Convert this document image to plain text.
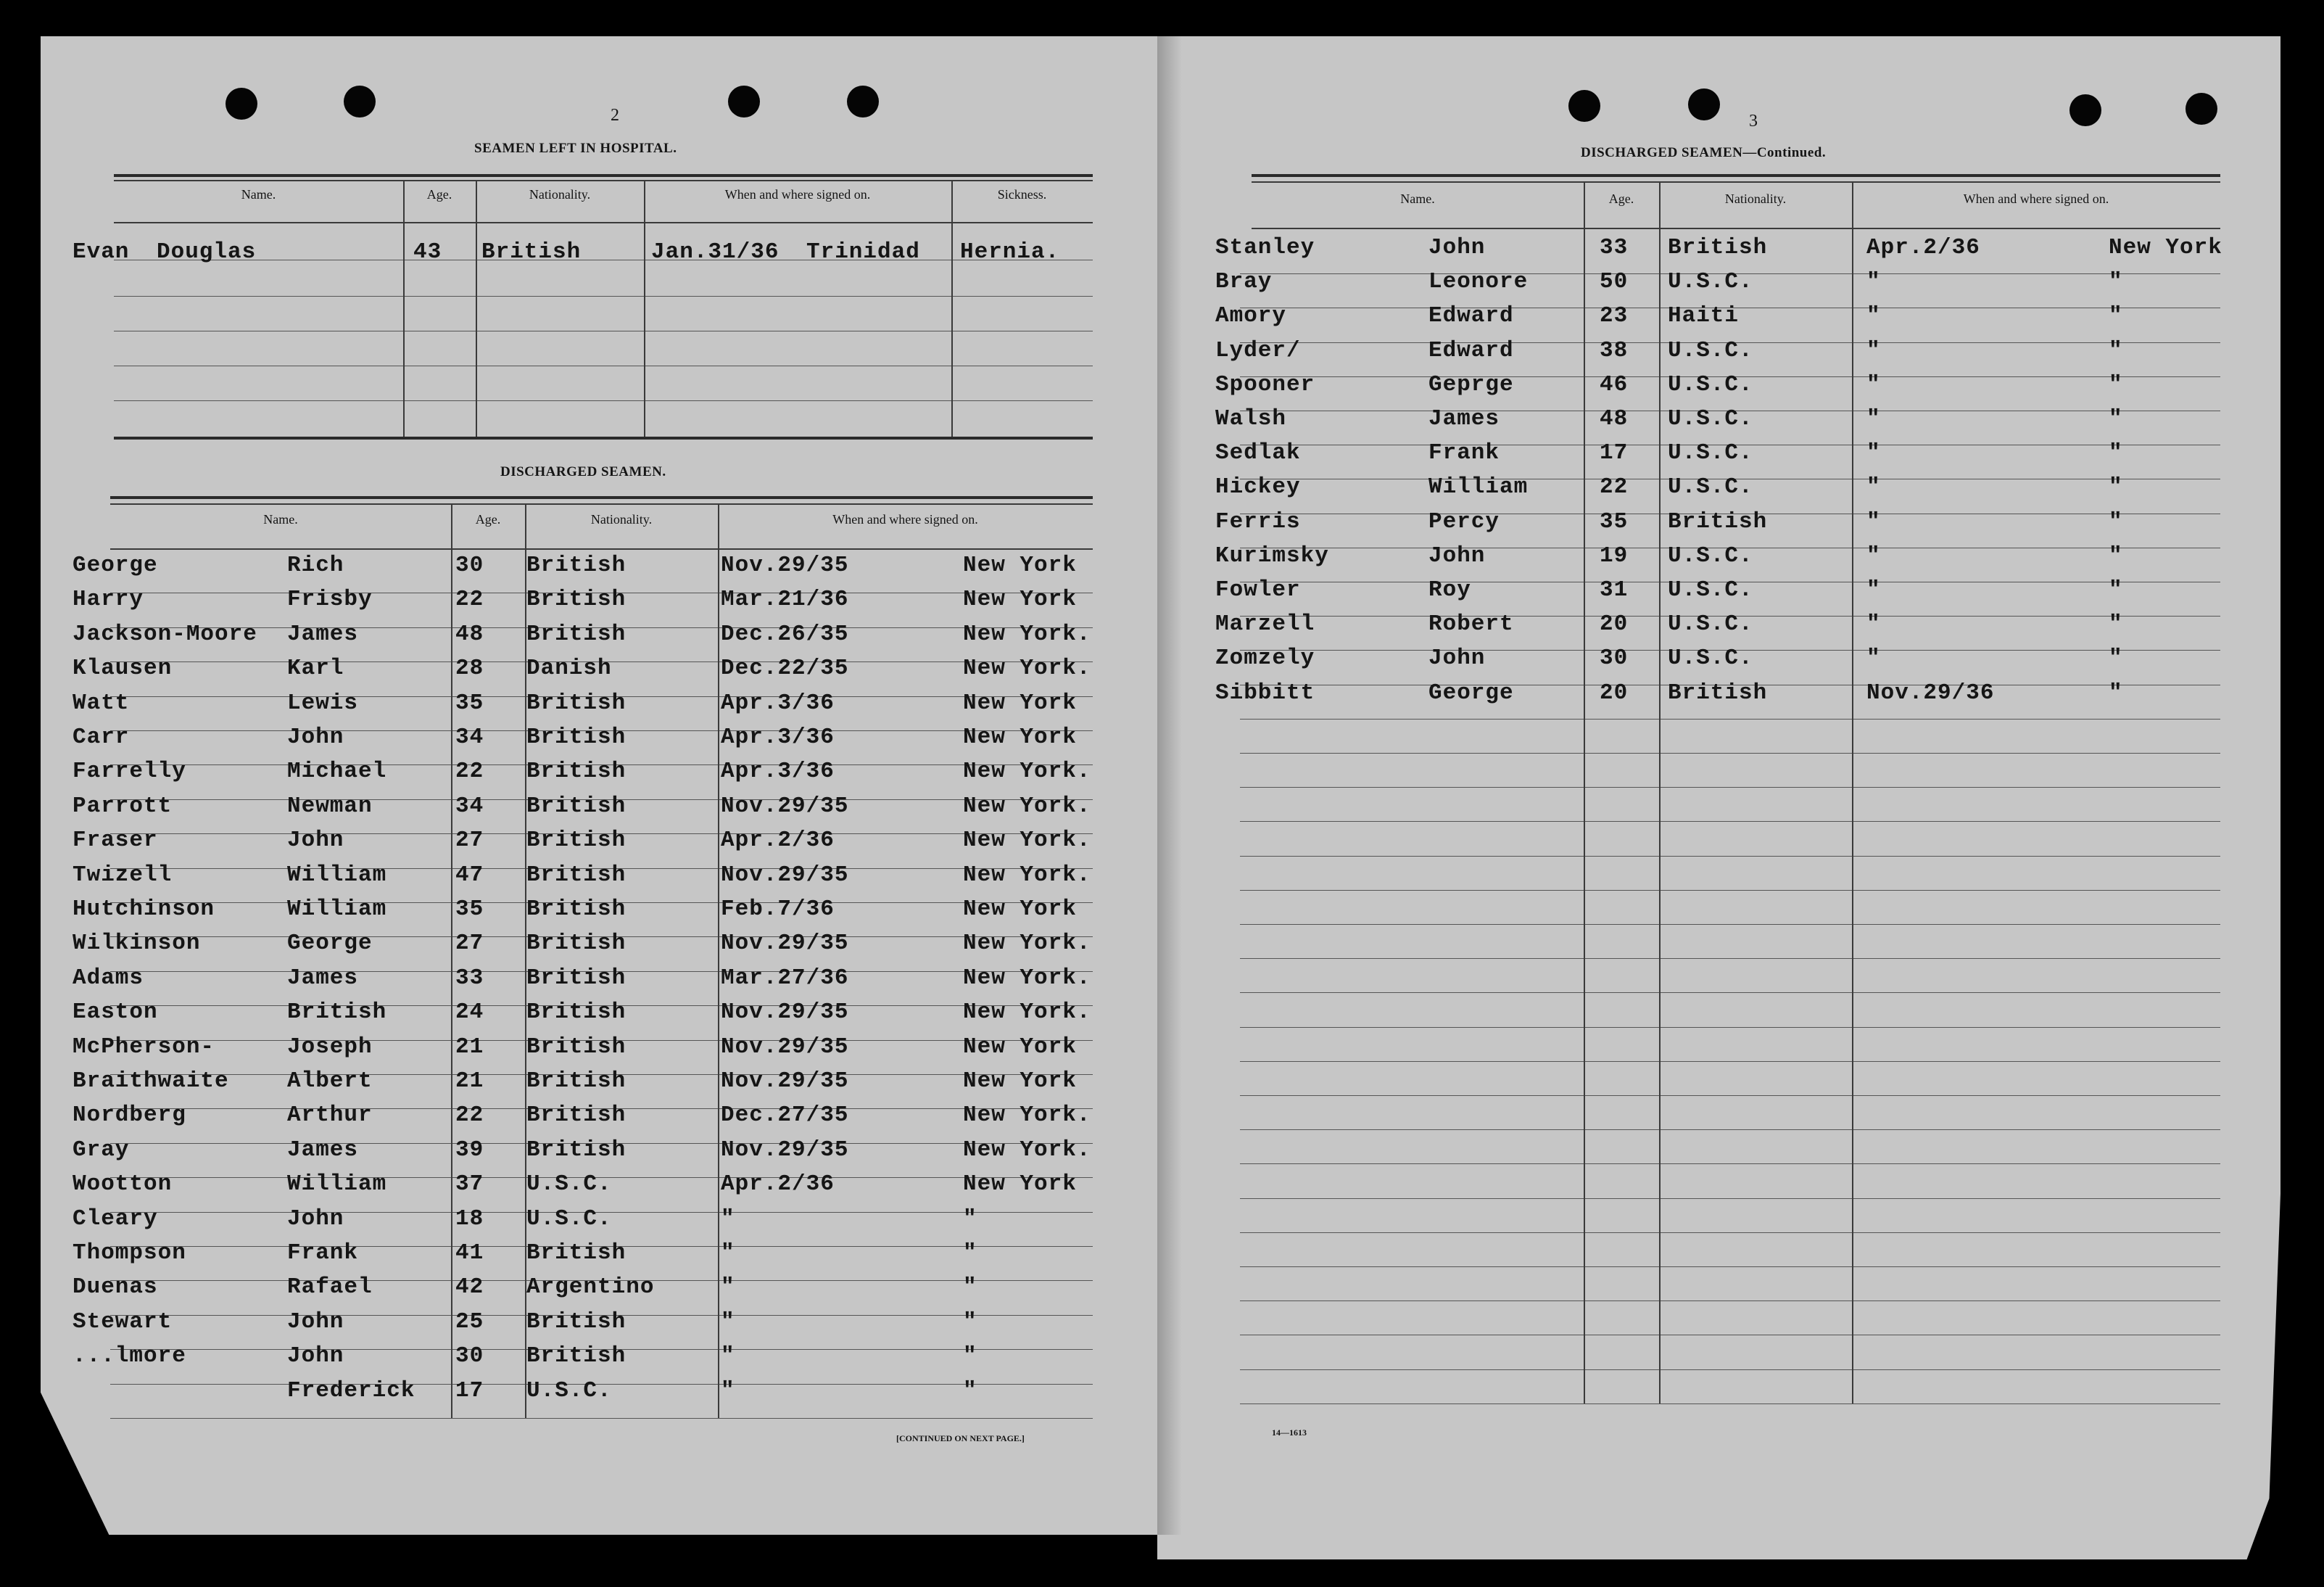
2
SEAMEN LEFT IN HOSPITAL.
Name.	Age.	Nationality.	When and where signed on.	Sickness.
Evan Douglas	43 British	Jan.31/36 Trinidad Hernia.
DISCHARGED SEAMEN.
Name.	Age.	Nationality.	When and where signed on.
[CONTINUED ON NEXT PAGE.]
3
DISCHARGED SEAMEN—Continued.
Name.	Age.	Nationality.	When and where signed on.
14—1613
George	Rich	30 British	Nov.29/35	New York
Harry	Frisby	22 British	Mar.21/36	New York
Jackson-Moore James	48 British	Dec.26/35	New York.
Klausen	Karl	28 Danish	Dec.22/35	New York.
Watt	Lewis	35 British	Apr.3/36	New York
Carr	John	34 British	Apr.3/36	New York
Farrelly	Michael	22 British	Apr.3/36	New York.
Parrott	Newman	34 British	Nov.29/35	New York.
Fraser	John	27 British	Apr.2/36	New York.
Twizell	William	47 British	Nov.29/35	New York.
Hutchinson	William	35 British	Feb.7/36	New York
Wilkinson	George	27 British	Nov.29/35	New York.
Adams	James	33 British	Mar.27/36	New York.
Easton	British	24 British	Nov.29/35	New York.
McPherson-	Joseph	21 British	Nov.29/35	New York
Braithwaite	Albert	21 British	Nov.29/35	New York
Nordberg	Arthur	22 British	Dec.27/35	New York.
Gray	James	39 British	Nov.29/35	New York.
Wootton	William	37 U.S.C.	Apr.2/36	New York
Cleary	John	18 U.S.C.	"	"
Thompson	Frank	41 British	"	"
Duenas	Rafael	42 Argentino	"	"
Stewart	John	25 British	"	"
...lmore	John	30 British	"	"
Frederick 17 U.S.C.	"	"
Stanley	John	33 British	Apr.2/36	New York
Bray	Leonore	50 U.S.C.	"	"
Amory	Edward	23 Haiti	"	"
Lyder/	Edward	38 U.S.C.	"	"
Spooner	Geprge	46 U.S.C.	"	"
Walsh	James	48 U.S.C.	"	"
Sedlak	Frank	17 U.S.C.	"	"
Hickey	William	22 U.S.C.	"	"
Ferris	Percy	35 British	"	"
Kurimsky	John	19 U.S.C.	"	"
Fowler	Roy	31 U.S.C.	"	"
Marzell	Robert	20 U.S.C.	"	"
Zomzely	John	30 U.S.C.	"	"
Sibbitt	George	20 British	Nov.29/36	"
